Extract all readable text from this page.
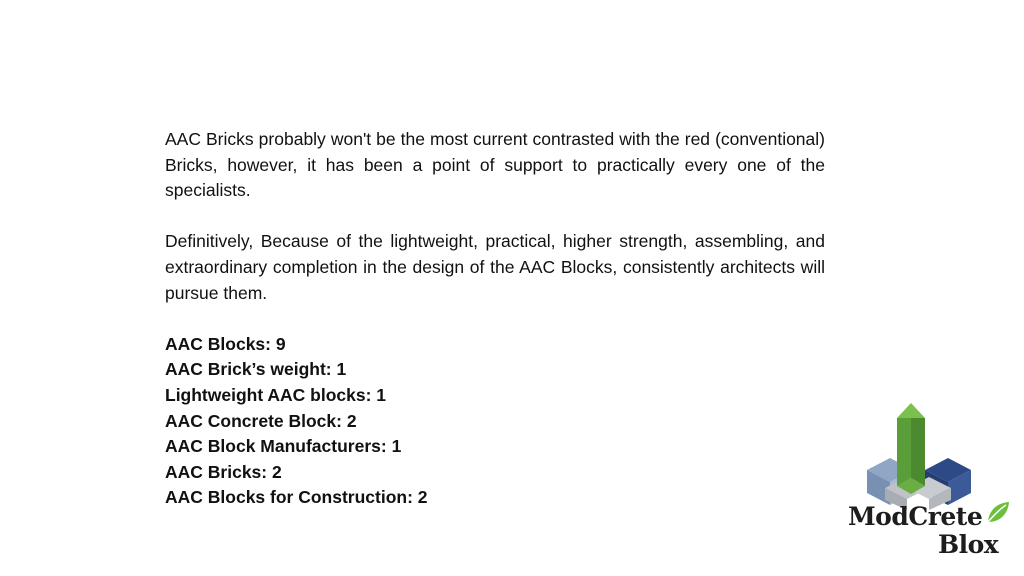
AAC Bricks probably won't be the most current contrasted with the red (conventional) Bricks, however, it has been a point of support to practically every one of the specialists.

Definitively, Because of the lightweight, practical, higher strength, assembling, and extraordinary completion in the design of the AAC Blocks, consistently architects will pursue them.

AAC Blocks: 9
AAC Brick’s weight: 1
Lightweight AAC blocks: 1
AAC Concrete Block: 2
AAC Block Manufacturers: 1
AAC Bricks: 2
AAC Blocks for Construction: 2
ModCrete
Blox
